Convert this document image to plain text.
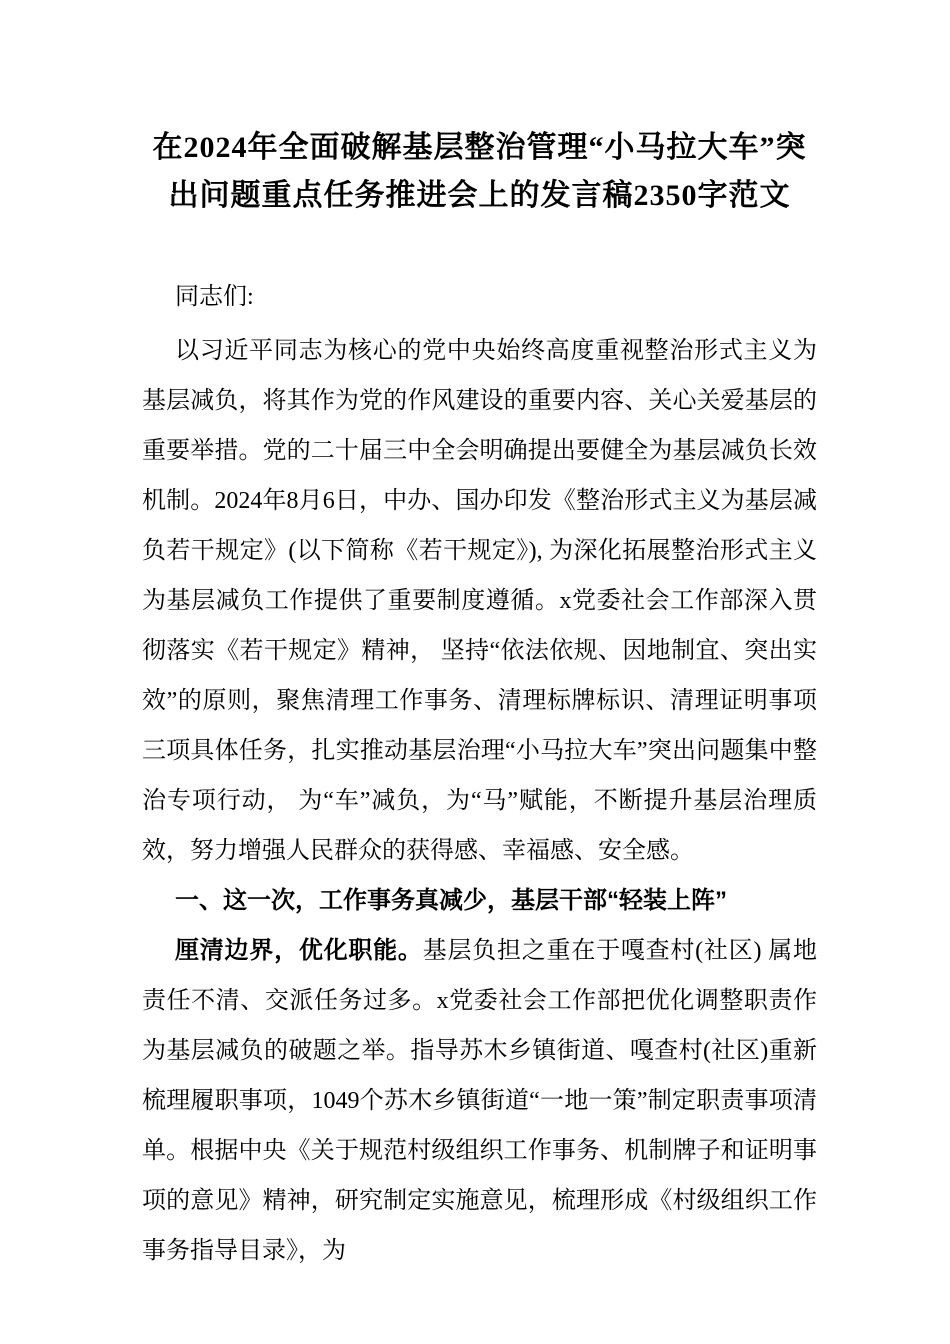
在2024年全面破解基层整治管理“小马拉大车”突出问题重点任务推进会上的发言稿2350字范文

同志们:

以习近平同志为核心的党中央始终高度重视整治形式主义为基层减负，将其作为党的作风建设的重要内容、关心关爱基层的重要举措。党的二十届三中全会明确提出要健全为基层减负长效机制。2024年8月6日，中办、国办印发《整治形式主义为基层减负若干规定》(以下简称《若干规定》), 为深化拓展整治形式主义为基层减负工作提供了重要制度遵循。x党委社会工作部深入贯彻落实《若干规定》精神， 坚持“依法依规、因地制宜、突出实效”的原则，聚焦清理工作事务、清理标牌标识、清理证明事项三项具体任务，扎实推动基层治理“小马拉大车”突出问题集中整治专项行动， 为“车”减负，为“马”赋能，不断提升基层治理质效，努力增强人民群众的获得感、幸福感、安全感。

一、这一次，工作事务真减少，基层干部“轻装上阵”

厘清边界，优化职能。基层负担之重在于嘎查村(社区) 属地责任不清、交派任务过多。x党委社会工作部把优化调整职责作为基层减负的破题之举。指导苏木乡镇街道、嘎查村(社区)重新梳理履职事项，1049个苏木乡镇街道“一地一策”制定职责事项清单。根据中央《关于规范村级组织工作事务、机制牌子和证明事项的意见》精神，研究制定实施意见，梳理形成《村级组织工作事务指导目录》，为
